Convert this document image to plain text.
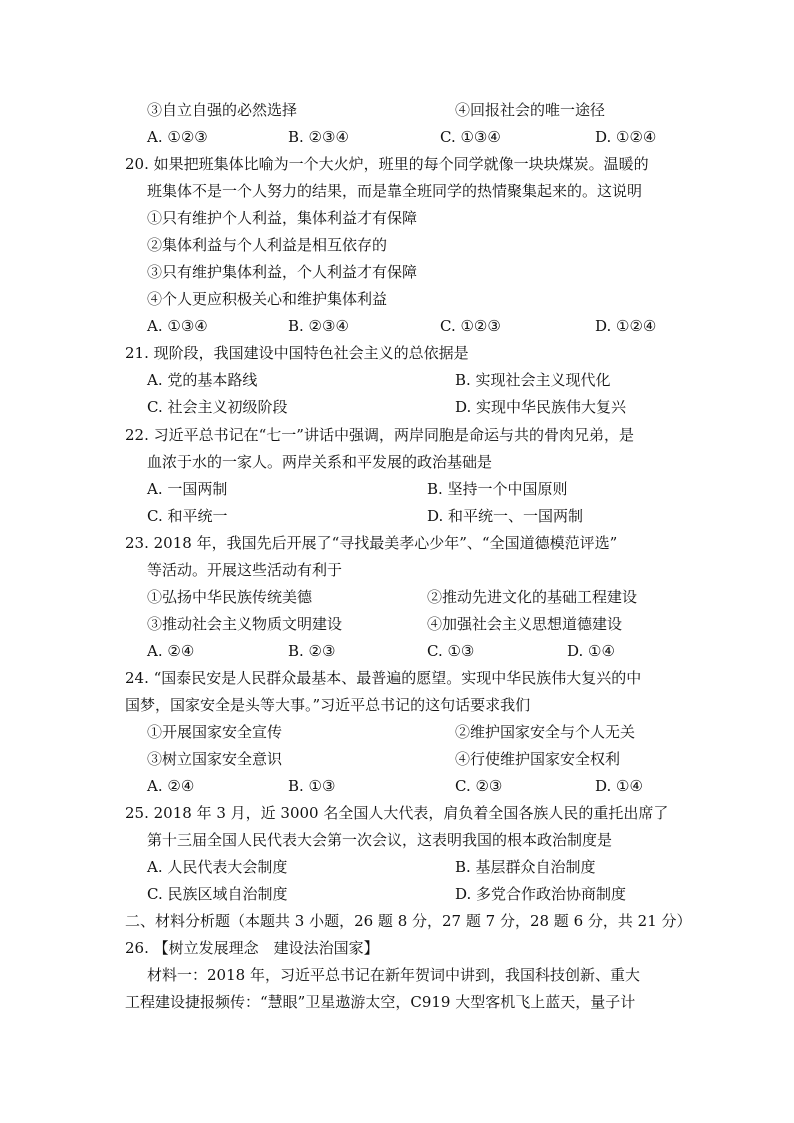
③自立自强的必然选择	④回报社会的唯一途径
A. ①②③	B. ②③④	C. ①③④	D. ①②④
20. 如果把班集体比喻为一个大火炉，班里的每个同学就像一块块煤炭。温暖的
班集体不是一个人努力的结果，而是靠全班同学的热情聚集起来的。这说明
①只有维护个人利益，集体利益才有保障
②集体利益与个人利益是相互依存的
③只有维护集体利益，个人利益才有保障
④个人更应积极关心和维护集体利益
A. ①③④	B. ②③④	C. ①②③	D. ①②④
21. 现阶段，我国建设中国特色社会主义的总依据是
A. 党的基本路线	B. 实现社会主义现代化
C. 社会主义初级阶段	D. 实现中华民族伟大复兴
22. 习近平总书记在“七一”讲话中强调，两岸同胞是命运与共的骨肉兄弟，是
血浓于水的一家人。两岸关系和平发展的政治基础是
A. 一国两制	B. 坚持一个中国原则
C. 和平统一	D. 和平统一、一国两制
23. 2018 年，我国先后开展了“寻找最美孝心少年”、“全国道德模范评选”
等活动。开展这些活动有利于
①弘扬中华民族传统美德	②推动先进文化的基础工程建设
③推动社会主义物质文明建设	④加强社会主义思想道德建设
A. ②④	B. ②③	C. ①③	D. ①④
24. “国泰民安是人民群众最基本、最普遍的愿望。实现中华民族伟大复兴的中
国梦，国家安全是头等大事。”习近平总书记的这句话要求我们
①开展国家安全宣传	②维护国家安全与个人无关
③树立国家安全意识	④行使维护国家安全权利
A. ②④	B. ①③	C. ②③	D. ①④
25. 2018 年 3 月，近 3000 名全国人大代表，肩负着全国各族人民的重托出席了
第十三届全国人民代表大会第一次会议，这表明我国的根本政治制度是
A. 人民代表大会制度	B. 基层群众自治制度
C. 民族区域自治制度	D. 多党合作政治协商制度
二、材料分析题（本题共 3 小题，26 题 8 分，27 题 7 分，28 题 6 分，共 21 分）
26. 【树立发展理念　建设法治国家】
材料一：2018 年，习近平总书记在新年贺词中讲到，我国科技创新、重大
工程建设捷报频传：“慧眼”卫星遨游太空，C919 大型客机飞上蓝天，量子计
